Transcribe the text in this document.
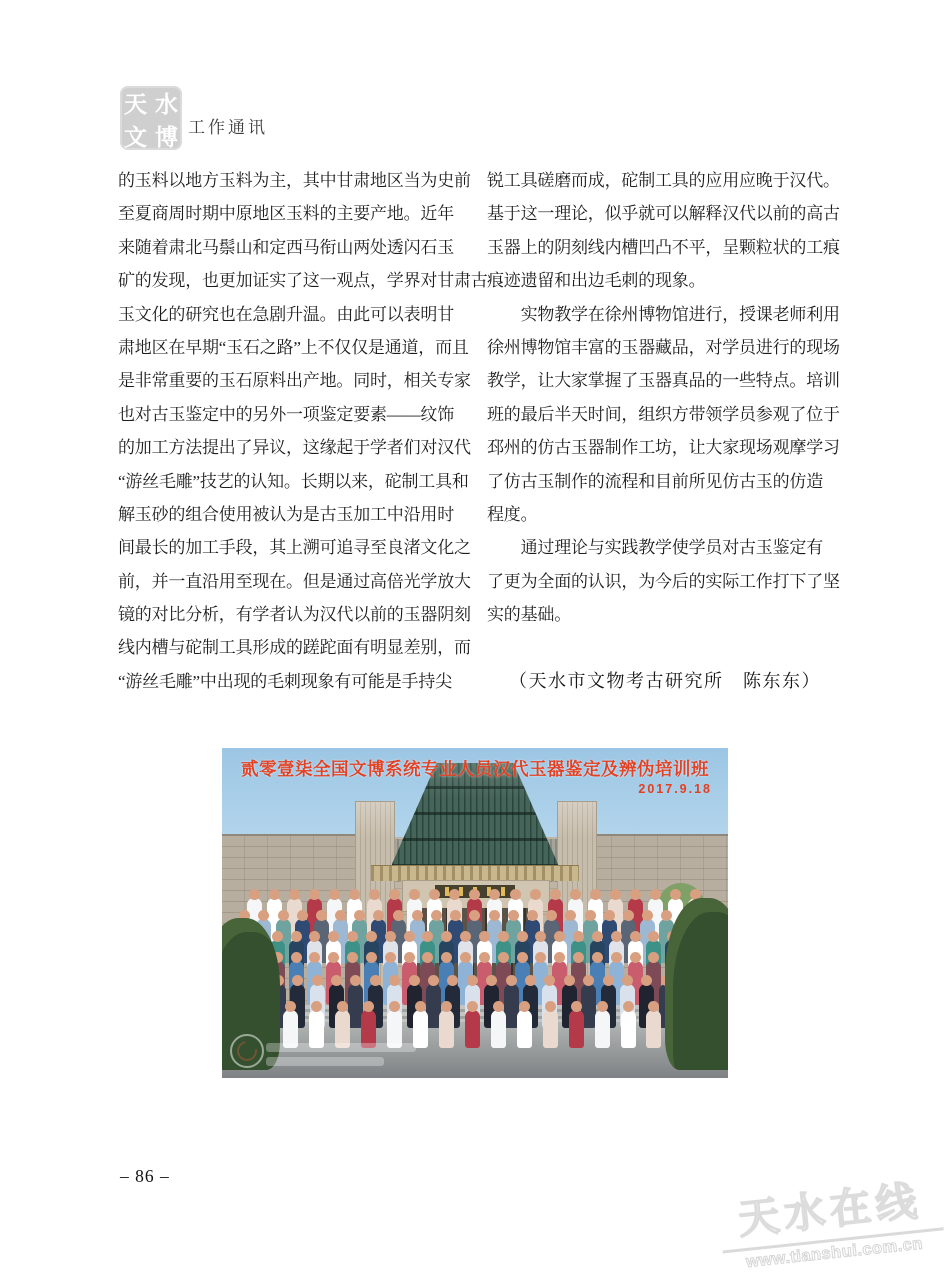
天 水
文 博 工作通讯
的玉料以地方玉料为主，其中甘肃地区当为史前
至夏商周时期中原地区玉料的主要产地。近年
来随着肃北马鬃山和定西马衔山两处透闪石玉
矿的发现，也更加证实了这一观点，学界对甘肃古
玉文化的研究也在急剧升温。由此可以表明甘
肃地区在早期“玉石之路”上不仅仅是通道，而且
是非常重要的玉石原料出产地。同时，相关专家
也对古玉鉴定中的另外一项鉴定要素——纹饰
的加工方法提出了异议，这缘起于学者们对汉代
“游丝毛雕”技艺的认知。长期以来，砣制工具和
解玉砂的组合使用被认为是古玉加工中沿用时
间最长的加工手段，其上溯可追寻至良渚文化之
前，并一直沿用至现在。但是通过高倍光学放大
镜的对比分析，有学者认为汉代以前的玉器阴刻
线内槽与砣制工具形成的蹉跎面有明显差别，而
“游丝毛雕”中出现的毛刺现象有可能是手持尖
锐工具磋磨而成，砣制工具的应用应晚于汉代。
基于这一理论，似乎就可以解释汉代以前的高古
玉器上的阴刻线内槽凹凸不平，呈颗粒状的工痕
痕迹遗留和出边毛刺的现象。
　　实物教学在徐州博物馆进行，授课老师利用
徐州博物馆丰富的玉器藏品，对学员进行的现场
教学，让大家掌握了玉器真品的一些特点。培训
班的最后半天时间，组织方带领学员参观了位于
邳州的仿古玉器制作工坊，让大家现场观摩学习
了仿古玉制作的流程和目前所见仿古玉的仿造
程度。
　　通过理论与实践教学使学员对古玉鉴定有
了更为全面的认识，为今后的实际工作打下了坚
实的基础。
（天水市文物考古研究所　陈东东）
贰零壹柒全国文博系统专业人员汉代玉器鉴定及辨伪培训班
2017.9.18
– 86 –
天水在线
www.tianshui.com.cn
